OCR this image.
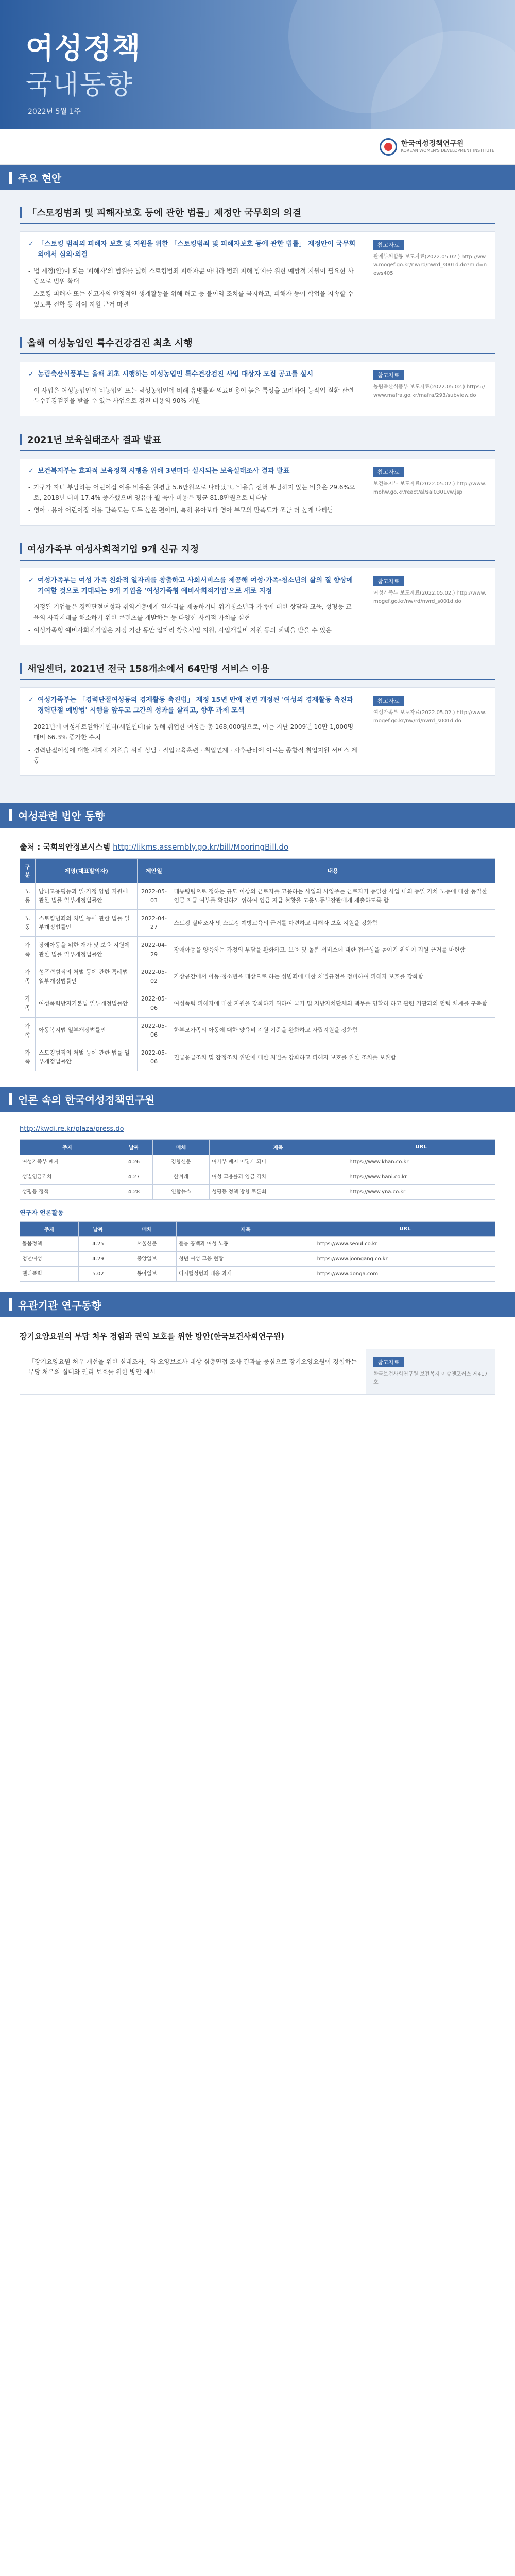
여성정책
국내동향
2022년 5월 1주
한국여성정책연구원
KOREAN WOMEN'S DEVELOPMENT INSTITUTE
주요 현안
「스토킹범죄 및 피해자보호 등에 관한 법률」제정안 국무회의 의결
✓ 「스토킹 범죄의 피해자 보호 및 지원을 위한 「스토킹범죄 및 피해자보호 등에 관한 법률」 제정안이 국무회의에서 심의·의결
- 법 제정(안)이 되는 '피해자'의 범위를 넓혀 스토킹범죄 피해자뿐 아니라 범죄 피해 방지를 위한 예방적 지원이 필요한 사람으로 범위 확대
- 스토킹 피해자 또는 신고자의 안정적인 생계활동을 위해 해고 등 불이익 조치를 금지하고, 피해자 등이 학업을 지속할 수 있도록 전학 등 하여 지원 근거 마련
참고자료
관계부처합동 보도자료(2022.05.02.) http://www.mogef.go.kr/nw/rd/nwrd_s001d.do?mid=news405
올해 여성농업인 특수건강검진 최초 시행
✓ 농림축산식품부는 올해 최초 시행하는 여성농업인 특수건강검진 사업 대상자 모집 공고를 실시
- 이 사업은 여성농업인이 비농업인 또는 남성농업인에 비해 유병률과 의료비용이 높은 특성을 고려하여 농작업 질환 관련 특수건강검진을 받을 수 있는 사업으로 검진 비용의 90% 지원
참고자료
농림축산식품부 보도자료(2022.05.02.) https://www.mafra.go.kr/mafra/293/subview.do
2021년 보육실태조사 결과 발표
✓ 보건복지부는 효과적 보육정책 시행을 위해 3년마다 실시되는 보육실태조사 결과 발표
- 가구가 자녀 부담하는 어린이집 이용 비용은 월평균 5.6만원으로 나타났고, 비용을 전혀 부담하지 않는 비율은 29.6%으로, 2018년 대비 17.4% 증가했으며 영유아 월 육아 비용은 평균 81.8만원으로 나타남
- 영아 · 유아 어린이집 이용 만족도는 모두 높은 편이며, 특히 유아보다 영아 부모의 만족도가 조금 더 높게 나타남
참고자료
보건복지부 보도자료(2022.05.02.) http://www.mohw.go.kr/react/al/sal0301vw.jsp
여성가족부 여성사회적기업 9개 신규 지정
✓ 여성가족부는 여성 가족 친화적 일자리를 창출하고 사회서비스를 제공해 여성·가족·청소년의 삶의 질 향상에 기여할 것으로 기대되는 9개 기업을 '여성가족형 예비사회적기업'으로 새로 지정
- 지정된 기업들은 경력단절여성과 취약계층에게 일자리를 제공하거나 위기청소년과 가족에 대한 상담과 교육, 성평등 교육의 사각지대를 해소하기 위한 콘텐츠를 개발하는 등 다양한 사회적 가치를 실현
- 여성가족형 예비사회적기업은 지정 기간 동안 일자리 창출사업 지원, 사업개발비 지원 등의 혜택을 받을 수 있음
참고자료
여성가족부 보도자료(2022.05.02.) http://www.mogef.go.kr/nw/rd/nwrd_s001d.do
새일센터, 2021년 전국 158개소에서 64만명 서비스 이용
✓ 여성가족부는 「경력단절여성등의 경제활동 촉진법」 제정 15년 만에 전면 개정된 '여성의 경제활동 촉진과 경력단절 예방법' 시행을 앞두고 그간의 성과를 살피고, 향후 과제 모색
- 2021년에 여성새로일하기센터(새일센터)를 통해 취업한 여성은 총 168,000명으로, 이는 지난 2009년 10만 1,000명 대비 66.3% 증가한 수치
- 경력단절여성에 대한 체계적 지원을 위해 상담 · 직업교육훈련 · 취업연계 · 사후관리에 이르는 종합적 취업지원 서비스 제공
참고자료
여성가족부 보도자료(2022.05.02.) http://www.mogef.go.kr/nw/rd/nwrd_s001d.do
여성관련 법안 동향
출처 : 국회의안정보시스템 http://likms.assembly.go.kr/bill/MooringBill.do
구분	제명(대표발의자)	제안일	내용
노동	남녀고용평등과 일·가정 양립 지원에 관한 법률 일부개정법률안	2022-05-03	대통령령으로 정하는 규모 이상의 근로자를 고용하는 사업의 사업주는 근로자가 동일한 사업 내의 동일 가치 노동에 대한 동일한 임금 지급 여부를 확인하기 위하여 임금 지급 현황을 고용노동부장관에게 제출하도록 함
노동	스토킹범죄의 처벌 등에 관한 법률 일부개정법률안	2022-04-27	스토킹 실태조사 및 스토킹 예방교육의 근거를 마련하고 피해자 보호 지원을 강화함
가족	장애아동을 위한 재가 및 보육 지원에 관한 법률 일부개정법률안	2022-04-29	장애아동을 양육하는 가정의 부담을 완화하고, 보육 및 돌봄 서비스에 대한 접근성을 높이기 위하여 지원 근거를 마련함
가족	성폭력범죄의 처벌 등에 관한 특례법 일부개정법률안	2022-05-02	가상공간에서 아동·청소년을 대상으로 하는 성범죄에 대한 처벌규정을 정비하여 피해자 보호를 강화함
가족	여성폭력방지기본법 일부개정법률안	2022-05-06	여성폭력 피해자에 대한 지원을 강화하기 위하여 국가 및 지방자치단체의 책무를 명확히 하고 관련 기관과의 협력 체계를 구축함
가족	아동복지법 일부개정법률안	2022-05-06	한부모가족의 아동에 대한 양육비 지원 기준을 완화하고 자립지원을 강화함
가족	스토킹범죄의 처벌 등에 관한 법률 일부개정법률안	2022-05-06	긴급응급조치 및 잠정조치 위반에 대한 처벌을 강화하고 피해자 보호를 위한 조치를 보완함
언론 속의 한국여성정책연구원
http://kwdi.re.kr/plaza/press.do
주제	날짜	매체	제목	URL
여성가족부 폐지	4.26	경향신문	여가부 폐지 어떻게 되나	https://www.khan.co.kr
성별임금격차	4.27	한겨레	여성 고용률과 임금 격차	https://www.hani.co.kr
성평등 정책	4.28	연합뉴스	성평등 정책 방향 토론회	https://www.yna.co.kr
연구자 언론활동
주제	날짜	매체	제목	URL
돌봄정책	4.25	서울신문	돌봄 공백과 여성 노동	https://www.seoul.co.kr
청년여성	4.29	중앙일보	청년 여성 고용 현황	https://www.joongang.co.kr
젠더폭력	5.02	동아일보	디지털성범죄 대응 과제	https://www.donga.com
유관기관 연구동향
장기요양요원의 부당 처우 경험과 권익 보호를 위한 방안(한국보건사회연구원)

「장기요양요원 처우 개선을 위한 실태조사」와 요양보호사 대상 심층면접 조사 결과를 중심으로 장기요양요원이 경험하는 부당 처우의 실태와 권리 보호를 위한 방안 제시

참고자료
한국보건사회연구원 보건복지 이슈앤포커스 제417호
